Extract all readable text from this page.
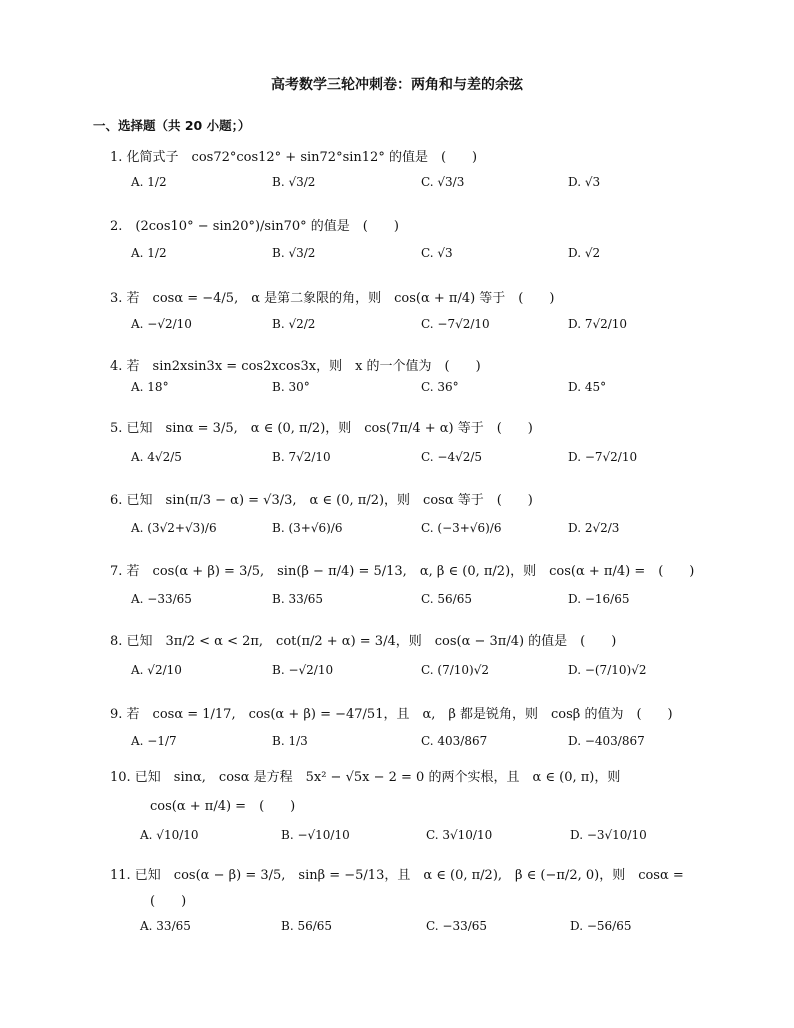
高考数学三轮冲刺卷：两角和与差的余弦
一、选择题（共 20 小题；）
1. 化简式子　cos72°cos12° + sin72°sin12° 的值是　(　　)
A. 1/2	B. √3/2	C. √3/3	D. √3
2.　(2cos10° − sin20°)/sin70° 的值是　(　　)
A. 1/2	B. √3/2	C. √3	D. √2
3. 若　cosα = −4/5,　α 是第二象限的角，则　cos(α + π/4) 等于　(　　)
A. −√2/10	B. √2/2	C. −7√2/10	D. 7√2/10
4. 若　sin2xsin3x = cos2xcos3x，则　x 的一个值为　(　　)
A. 18°	B. 30°	C. 36°	D. 45°
5. 已知　sinα = 3/5,　α ∈ (0, π/2)，则　cos(7π/4 + α) 等于　(　　)
A. 4√2/5	B. 7√2/10	C. −4√2/5	D. −7√2/10
6. 已知　sin(π/3 − α) = √3/3,　α ∈ (0, π/2)，则　cosα 等于　(　　)
A. (3√2+√3)/6	B. (3+√6)/6	C. (−3+√6)/6	D. 2√2/3
7. 若　cos(α + β) = 3/5,　sin(β − π/4) = 5/13,　α, β ∈ (0, π/2)，则　cos(α + π/4) =　(　　)
A. −33/65	B. 33/65	C. 56/65	D. −16/65
8. 已知　3π/2 < α < 2π,　cot(π/2 + α) = 3/4，则　cos(α − 3π/4) 的值是　(　　)
A. √2/10	B. −√2/10	C. (7/10)√2	D. −(7/10)√2
9. 若　cosα = 1/17,　cos(α + β) = −47/51，且　α,　β 都是锐角，则　cosβ 的值为　(　　)
A. −1/7	B. 1/3	C. 403/867	D. −403/867
10. 已知　sinα,　cosα 是方程　5x² − √5x − 2 = 0 的两个实根，且　α ∈ (0, π)，则
cos(α + π/4) =　(　　)
A. √10/10	B. −√10/10	C. 3√10/10	D. −3√10/10
11. 已知　cos(α − β) = 3/5,　sinβ = −5/13，且　α ∈ (0, π/2),　β ∈ (−π/2, 0)，则　cosα =
(　　)
A. 33/65	B. 56/65	C. −33/65	D. −56/65
